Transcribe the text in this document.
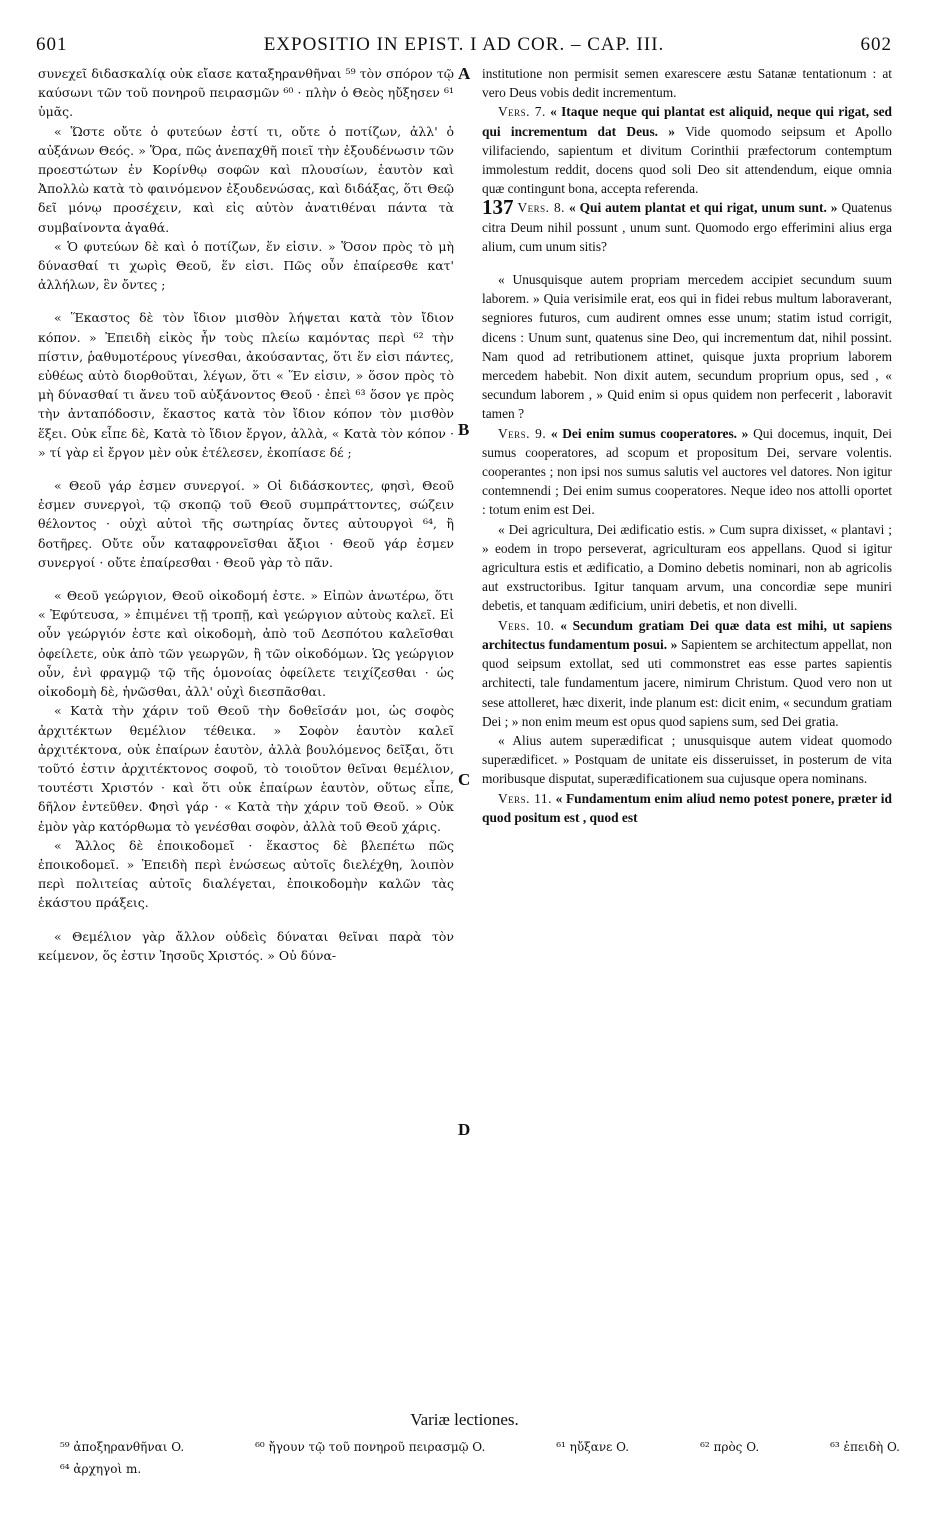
601	EXPOSITIO IN EPIST. I AD COR. – CAP. III.	602
A
B
C
D

συνεχεῖ διδασκαλίᾳ οὐκ εἴασε καταξηρανθῆναι ⁵⁹ τὸν σπόρον τῷ καύσωνι τῶν τοῦ πονηροῦ πειρασμῶν ⁶⁰ · πλὴν ὁ Θεὸς ηὔξησεν ⁶¹ ὑμᾶς.

« Ὥστε οὔτε ὁ φυτεύων ἐστί τι, οὔτε ὁ ποτίζων, ἀλλ' ὁ αὐξάνων Θεός. » Ὅρα, πῶς ἀνεπαχθῆ ποιεῖ τὴν ἐξουδένωσιν τῶν προεστώτων ἐν Κορίνθῳ σοφῶν καὶ πλουσίων, ἑαυτὸν καὶ Ἀπολλὼ κατὰ τὸ φαινόμενον ἐξουδενώσας, καὶ διδάξας, ὅτι Θεῷ δεῖ μόνῳ προσέχειν, καὶ εἰς αὐτὸν ἀνατιθέναι πάντα τὰ συμβαίνοντα ἀγαθά.

« Ὁ φυτεύων δὲ καὶ ὁ ποτίζων, ἕν εἰσιν. » Ὅσον πρὸς τὸ μὴ δύνασθαί τι χωρὶς Θεοῦ, ἕν εἰσι. Πῶς οὖν ἐπαίρεσθε κατ' ἀλλήλων, ἓν ὄντες ;

« Ἕκαστος δὲ τὸν ἴδιον μισθὸν λήψεται κατὰ τὸν ἴδιον κόπον. » Ἐπειδὴ εἰκὸς ἦν τοὺς πλείω καμόντας περὶ ⁶² τὴν πίστιν, ῥαθυμοτέρους γίνεσθαι, ἀκούσαντας, ὅτι ἕν εἰσι πάντες, εὐθέως αὐτὸ διορθοῦται, λέγων, ὅτι « Ἕν εἰσιν, » ὅσον πρὸς τὸ μὴ δύνασθαί τι ἄνευ τοῦ αὐξάνοντος Θεοῦ · ἐπεὶ ⁶³ ὅσον γε πρὸς τὴν ἀνταπόδοσιν, ἕκαστος κατὰ τὸν ἴδιον κόπον τὸν μισθὸν ἕξει. Οὐκ εἶπε δὲ, Κατὰ τὸ ἴδιον ἔργον, ἀλλὰ, « Κατὰ τὸν κόπον · » τί γὰρ εἰ ἔργον μὲν οὐκ ἐτέλεσεν, ἐκοπίασε δέ ;

« Θεοῦ γάρ ἐσμεν συνεργοί. » Οἱ διδάσκοντες, φησὶ, Θεοῦ ἐσμεν συνεργοὶ, τῷ σκοπῷ τοῦ Θεοῦ συμπράττοντες, σώζειν θέλοντος · οὐχὶ αὐτοὶ τῆς σωτηρίας ὄντες αὐτουργοὶ ⁶⁴, ἢ δοτῆρες. Οὔτε οὖν καταφρονεῖσθαι ἄξιοι · Θεοῦ γάρ ἐσμεν συνεργοί · οὔτε ἐπαίρεσθαι · Θεοῦ γὰρ τὸ πᾶν.

« Θεοῦ γεώργιον, Θεοῦ οἰκοδομή ἐστε. » Εἰπὼν ἀνωτέρω, ὅτι « Ἐφύτευσα, » ἐπιμένει τῇ τροπῇ, καὶ γεώργιον αὐτοὺς καλεῖ. Εἰ οὖν γεώργιόν ἐστε καὶ οἰκοδομὴ, ἀπὸ τοῦ Δεσπότου καλεῖσθαι ὀφείλετε, οὐκ ἀπὸ τῶν γεωργῶν, ἢ τῶν οἰκοδόμων. Ὡς γεώργιον οὖν, ἑνὶ φραγμῷ τῷ τῆς ὁμονοίας ὀφείλετε τειχίζεσθαι · ὡς οἰκοδομὴ δὲ, ἡνῶσθαι, ἀλλ' οὐχὶ διεσπᾶσθαι.

« Κατὰ τὴν χάριν τοῦ Θεοῦ τὴν δοθεῖσάν μοι, ὡς σοφὸς ἀρχιτέκτων θεμέλιον τέθεικα. » Σοφὸν ἑαυτὸν καλεῖ ἀρχιτέκτονα, οὐκ ἐπαίρων ἑαυτὸν, ἀλλὰ βουλόμενος δεῖξαι, ὅτι τοῦτό ἐστιν ἀρχιτέκτονος σοφοῦ, τὸ τοιοῦτον θεῖναι θεμέλιον, τουτέστι Χριστόν · καὶ ὅτι οὐκ ἐπαίρων ἑαυτὸν, οὕτως εἶπε, δῆλον ἐντεῦθεν. Φησὶ γάρ · « Κατὰ τὴν χάριν τοῦ Θεοῦ. » Οὐκ ἐμὸν γὰρ κατόρθωμα τὸ γενέσθαι σοφὸν, ἀλλὰ τοῦ Θεοῦ χάρις.

« Ἄλλος δὲ ἐποικοδομεῖ · ἕκαστος δὲ βλεπέτω πῶς ἐποικοδομεῖ. » Ἐπειδὴ περὶ ἑνώσεως αὐτοῖς διελέχθη, λοιπὸν περὶ πολιτείας αὐτοῖς διαλέγεται, ἐποικοδομὴν καλῶν τὰς ἑκάστου πράξεις.

« Θεμέλιον γὰρ ἄλλον οὐδεὶς δύναται θεῖναι παρὰ τὸν κείμενον, ὅς ἐστιν Ἰησοῦς Χριστός. » Οὐ δύνα-

institutione non permisit semen exarescere æstu Satanæ tentationum : at vero Deus vobis dedit incrementum.

Vers. 7. « Itaque neque qui plantat est aliquid, neque qui rigat, sed qui incrementum dat Deus. » Vide quomodo seipsum et Apollo vilifaciendo, sapientum et divitum Corinthii præfectorum contemptum immolestum reddit, docens quod soli Deo sit attendendum, eique omnia quæ contingunt bona, accepta referenda.

137 Vers. 8. « Qui autem plantat et qui rigat, unum sunt. » Quatenus citra Deum nihil possunt , unum sunt. Quomodo ergo efferimini alius erga alium, cum unum sitis?

« Unusquisque autem propriam mercedem accipiet secundum suum laborem. » Quia verisimile erat, eos qui in fidei rebus multum laboraverant, segniores futuros, cum audirent omnes esse unum; statim istud corrigit, dicens : Unum sunt, quatenus sine Deo, qui incrementum dat, nihil possint. Nam quod ad retributionem attinet, quisque juxta proprium laborem mercedem habebit. Non dixit autem, secundum proprium opus, sed , « secundum laborem , » Quid enim si opus quidem non perfecerit , laboravit tamen ?

Vers. 9. « Dei enim sumus cooperatores. » Qui docemus, inquit, Dei sumus cooperatores, ad scopum et propositum Dei, servare volentis. cooperantes ; non ipsi nos sumus salutis vel auctores vel datores. Non igitur contemnendi ; Dei enim sumus cooperatores. Neque ideo nos attolli oportet : totum enim est Dei.

« Dei agricultura, Dei ædificatio estis. » Cum supra dixisset, « plantavi ; » eodem in tropo perseverat, agriculturam eos appellans. Quod si igitur agricultura estis et ædificatio, a Domino debetis nominari, non ab agricolis aut exstructoribus. Igitur tanquam arvum, una concordiæ sepe muniri debetis, et tanquam ædificium, uniri debetis, et non divelli.

Vers. 10. « Secundum gratiam Dei quæ data est mihi, ut sapiens architectus fundamentum posui. » Sapientem se architectum appellat, non quod seipsum extollat, sed uti commonstret eas esse partes sapientis architecti, tale fundamentum jacere, nimirum Christum. Quod vero non ut sese attolleret, hæc dixerit, inde planum est: dicit enim, « secundum gratiam Dei ; » non enim meum est opus quod sapiens sum, sed Dei gratia.

« Alius autem superædificat ; unusquisque autem videat quomodo superædificet. » Postquam de unitate eis disseruisset, in posterum de vita moribusque disputat, superædificationem sua cujusque opera nominans.

Vers. 11. « Fundamentum enim aliud nemo potest ponere, præter id quod positum est , quod est

Variæ lectiones.
⁵⁹ ἀποξηρανθῆναι O.	⁶⁰ ἤγουν τῷ τοῦ πονηροῦ πειρασμῷ O.	⁶¹ ηὔξανε O.	⁶² πρὸς O.	⁶³ ἐπειδὴ O.
⁶⁴ ἀρχηγοὶ m.
